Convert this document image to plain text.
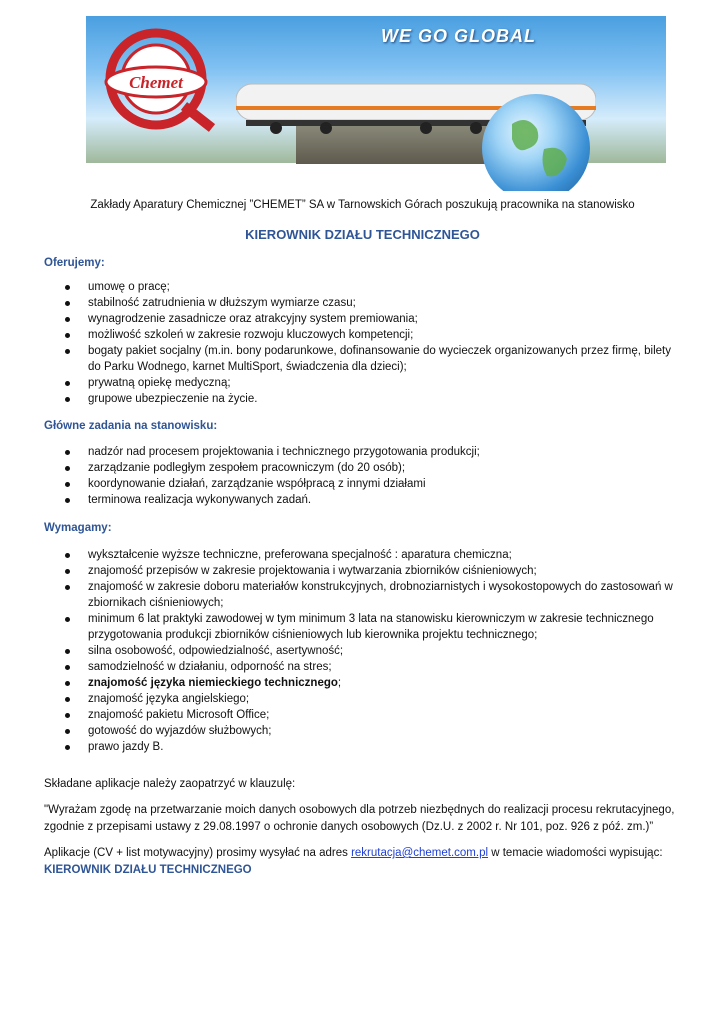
WE GO GLOBAL
Chemet
Zakłady Aparatury Chemicznej ”CHEMET” SA w Tarnowskich Górach poszukują pracownika na stanowisko
KIEROWNIK DZIAŁU TECHNICZNEGO
Oferujemy:
umowę o pracę;
stabilność zatrudnienia w dłuższym wymiarze czasu;
wynagrodzenie zasadnicze oraz atrakcyjny system premiowania;
możliwość szkoleń w zakresie rozwoju kluczowych kompetencji;
bogaty pakiet socjalny (m.in. bony podarunkowe, dofinansowanie do wycieczek organizowanych przez firmę, bilety do Parku Wodnego, karnet MultiSport, świadczenia dla dzieci);
prywatną opiekę medyczną;
grupowe ubezpieczenie na życie.
Główne zadania na stanowisku:
nadzór nad procesem projektowania i technicznego przygotowania produkcji;
zarządzanie podległym zespołem pracowniczym (do 20 osób);
koordynowanie działań, zarządzanie współpracą z innymi działami
terminowa realizacja wykonywanych zadań.
Wymagamy:
wykształcenie wyższe techniczne, preferowana specjalność : aparatura chemiczna;
znajomość przepisów w zakresie projektowania i wytwarzania zbiorników ciśnieniowych;
znajomość w zakresie doboru materiałów konstrukcyjnych, drobnoziarnistych i wysokostopowych do zastosowań w zbiornikach ciśnieniowych;
minimum 6 lat praktyki zawodowej w tym minimum 3 lata na stanowisku kierowniczym w zakresie technicznego przygotowania produkcji zbiorników ciśnieniowych lub kierownika projektu technicznego;
silna osobowość, odpowiedzialność, asertywność;
samodzielność w działaniu, odporność na stres;
znajomość języka niemieckiego technicznego;
znajomość języka angielskiego;
znajomość pakietu Microsoft Office;
gotowość do wyjazdów służbowych;
prawo jazdy B.
Składane aplikacje należy zaopatrzyć w klauzulę:
"Wyrażam zgodę na przetwarzanie moich danych osobowych dla potrzeb niezbędnych do realizacji procesu rekrutacyjnego, zgodnie z przepisami ustawy z 29.08.1997 o ochronie danych osobowych (Dz.U. z 2002 r. Nr 101, poz. 926 z póź. zm.)”
Aplikacje (CV + list motywacyjny) prosimy wysyłać na adres rekrutacja@chemet.com.pl w temacie wiadomości wypisując:
KIEROWNIK DZIAŁU TECHNICZNEGO
